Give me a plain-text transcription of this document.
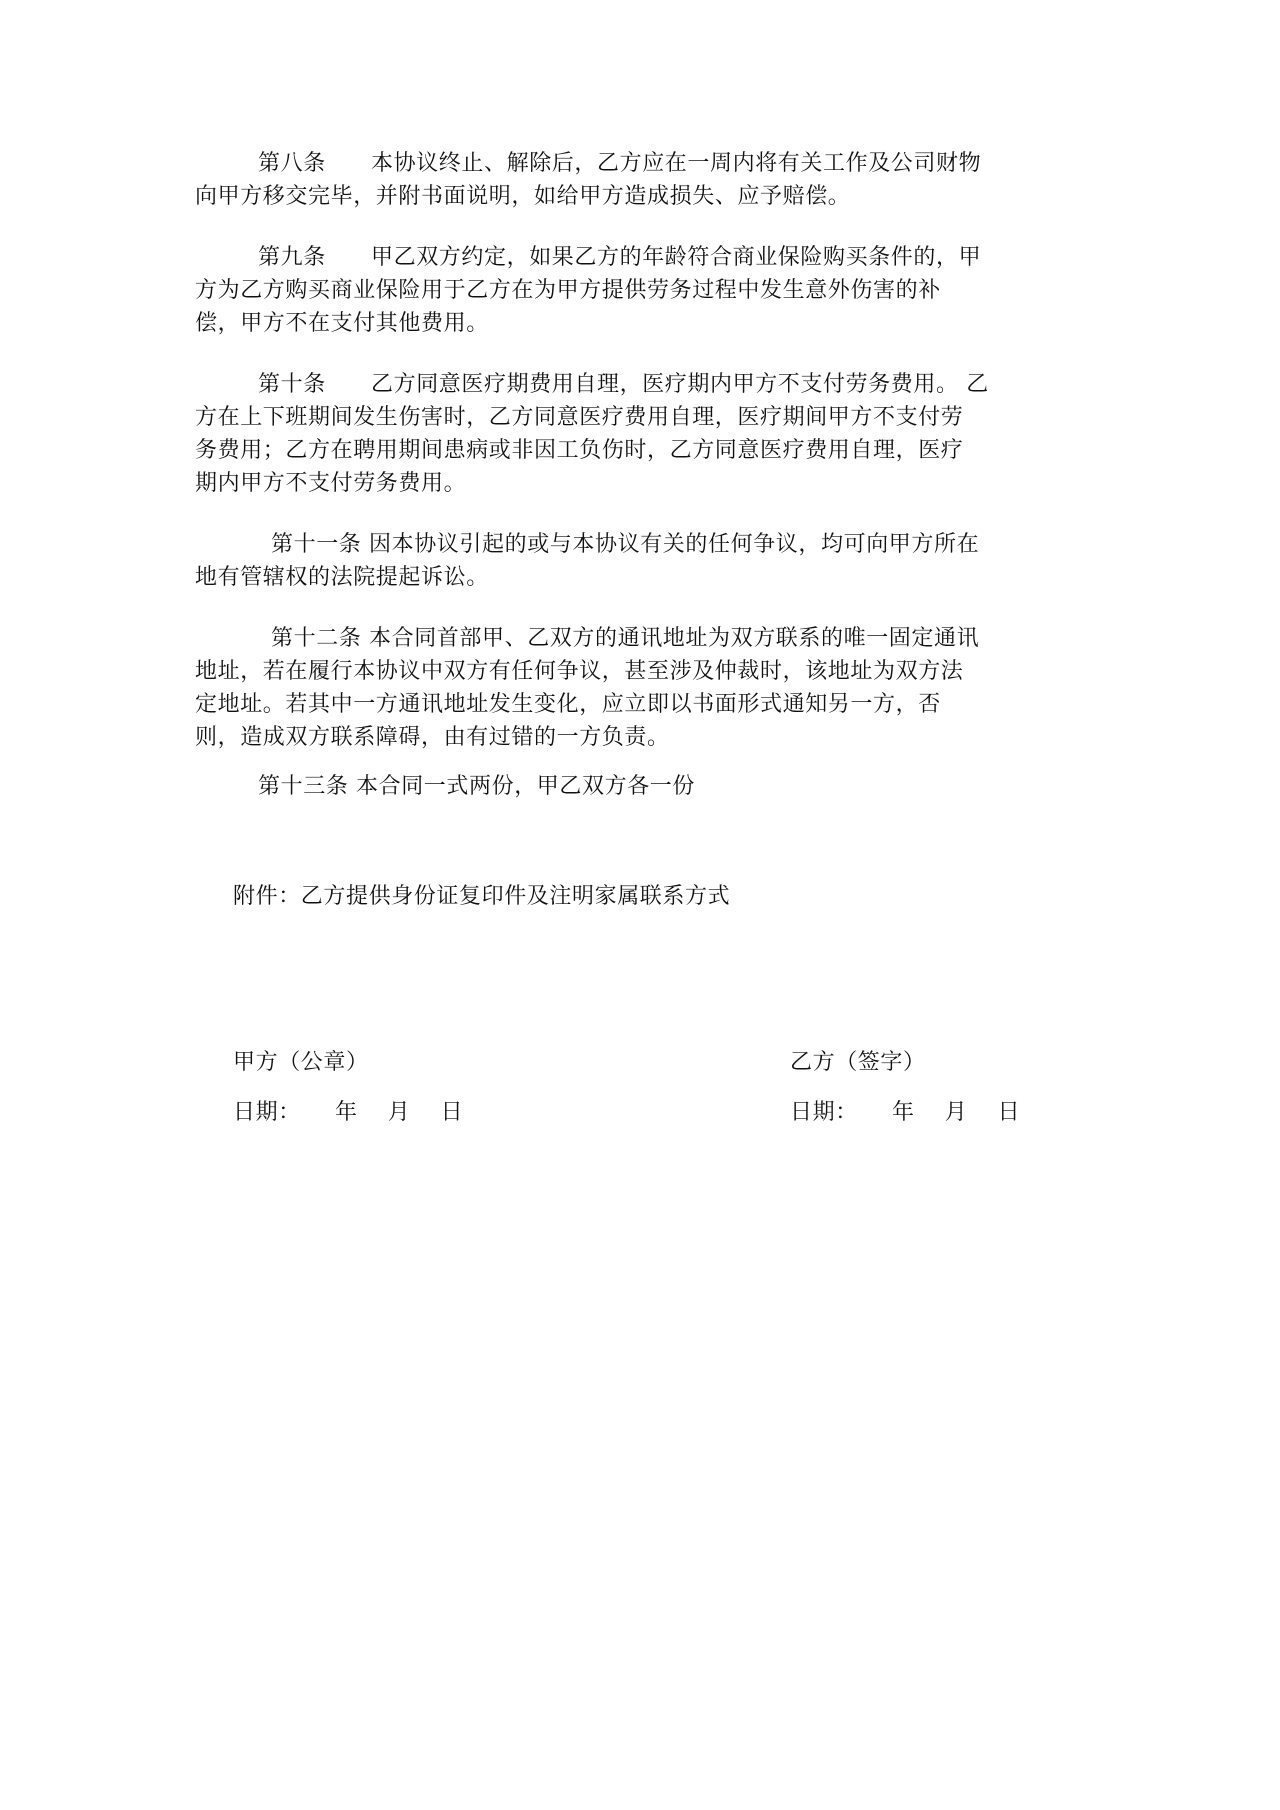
第八条　　本协议终止、解除后，乙方应在一周内将有关工作及公司财物
向甲方移交完毕，并附书面说明，如给甲方造成损失、应予赔偿。
第九条　　甲乙双方约定，如果乙方的年龄符合商业保险购买条件的，甲
方为乙方购买商业保险用于乙方在为甲方提供劳务过程中发生意外伤害的补
偿，甲方不在支付其他费用。
第十条　　乙方同意医疗期费用自理，医疗期内甲方不支付劳务费用。 乙
方在上下班期间发生伤害时，乙方同意医疗费用自理，医疗期间甲方不支付劳
务费用；乙方在聘用期间患病或非因工负伤时，乙方同意医疗费用自理，医疗
期内甲方不支付劳务费用。
第十一条 因本协议引起的或与本协议有关的任何争议，均可向甲方所在
地有管辖权的法院提起诉讼。
第十二条 本合同首部甲、乙双方的通讯地址为双方联系的唯一固定通讯
地址，若在履行本协议中双方有任何争议，甚至涉及仲裁时，该地址为双方法
定地址。若其中一方通讯地址发生变化，应立即以书面形式通知另一方，否
则，造成双方联系障碍，由有过错的一方负责。
第十三条 本合同一式两份，甲乙双方各一份
附件：乙方提供身份证复印件及注明家属联系方式
甲方（公章）
日期：　　年　 月　 日
乙方（签字）
日期：　　年　 月　 日
